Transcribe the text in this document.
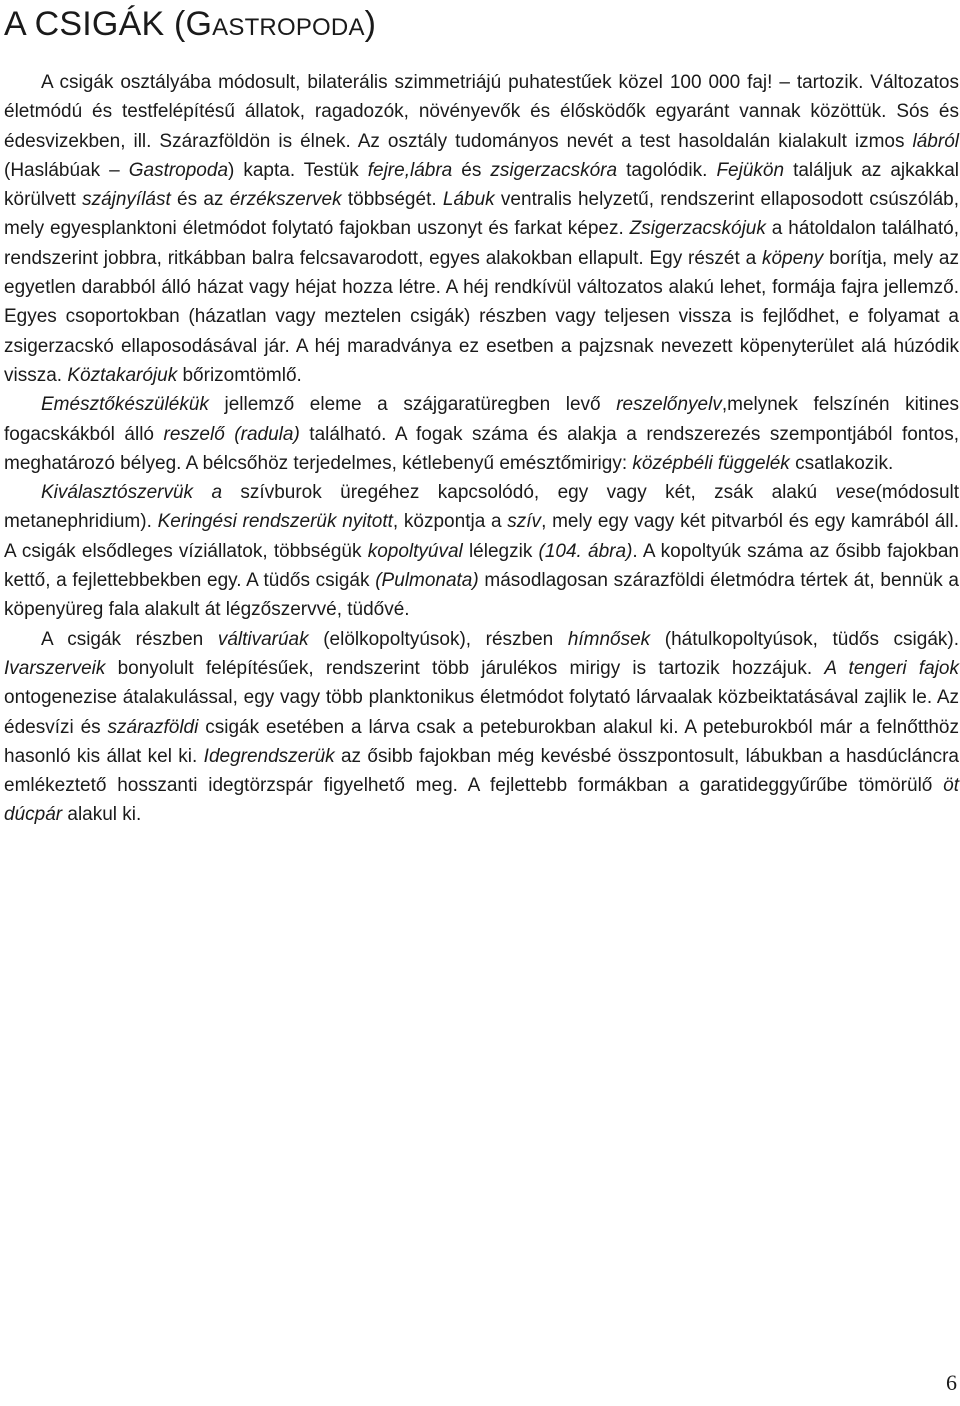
A CSIGÁK (GASTROPODA)

A csigák osztályába módosult, bilaterális szimmetriájú puhatestűek közel 100 000 faj! – tartozik. Változatos életmódú és testfelépítésű állatok, ragadozók, növényevők és élősködők egyaránt vannak közöttük. Sós és édesvizekben, ill. Szárazföldön is élnek. Az osztály tudományos nevét a test hasoldalán kialakult izmos lábról (Haslábúak – Gastropoda) kapta. Testük fejre,lábra és zsigerzacskóra tagolódik. Fejükön találjuk az ajkakkal körülvett szájnyílást és az érzékszervek többségét. Lábuk ventralis helyzetű, rendszerint ellaposodott csúszóláb, mely egyesplanktoni életmódot folytató fajokban uszonyt és farkat képez. Zsigerzacskójuk a hátoldalon található, rendszerint jobbra, ritkábban balra felcsavarodott, egyes alakokban ellapult. Egy részét a köpeny borítja, mely az egyetlen darabból álló házat vagy héjat hozza létre. A héj rendkívül változatos alakú lehet, formája fajra jellemző. Egyes csoportokban (házatlan vagy meztelen csigák) részben vagy teljesen vissza is fejlődhet, e folyamat a zsigerzacskó ellaposodásával jár. A héj maradványa ez esetben a pajzsnak nevezett köpenyterület alá húzódik vissza. Köztakarójuk bőrizomtömlő.

Emésztőkészülékük jellemző eleme a szájgaratüregben levő reszelőnyelv,melynek felszínén kitines fogacskákból álló reszelő (radula) található. A fogak száma és alakja a rendszerezés szempontjából fontos, meghatározó bélyeg. A bélcsőhöz terjedelmes, kétlebenyű emésztőmirigy: középbéli függelék csatlakozik.

Kiválasztószervük a szívburok üregéhez kapcsolódó, egy vagy két, zsák alakú vese(módosult metanephridium). Keringési rendszerük nyitott, központja a szív, mely egy vagy két pitvarból és egy kamrából áll. A csigák elsődleges víziállatok, többségük kopoltyúval lélegzik (104. ábra). A kopoltyúk száma az ősibb fajokban kettő, a fejlettebbekben egy. A tüdős csigák (Pulmonata) másodlagosan szárazföldi életmódra tértek át, bennük a köpenyüreg fala alakult át légzőszervvé, tüdővé.

A csigák részben váltivarúak (elölkopoltyúsok), részben hímnősek (hátulkopoltyúsok, tüdős csigák). Ivarszerveik bonyolult felépítésűek, rendszerint több járulékos mirigy is tartozik hozzájuk. A tengeri fajok ontogenezise átalakulással, egy vagy több planktonikus életmódot folytató lárvaalak közbeiktatásával zajlik le. Az édesvízi és szárazföldi csigák esetében a lárva csak a peteburokban alakul ki. A peteburokból már a felnőtthöz hasonló kis állat kel ki. Idegrendszerük az ősibb fajokban még kevésbé összpontosult, lábukban a hasdúcláncra emlékeztető hosszanti idegtörzspár figyelhető meg. A fejlettebb formákban a garatideggyűrűbe tömörülő öt dúcpár alakul ki.

6
